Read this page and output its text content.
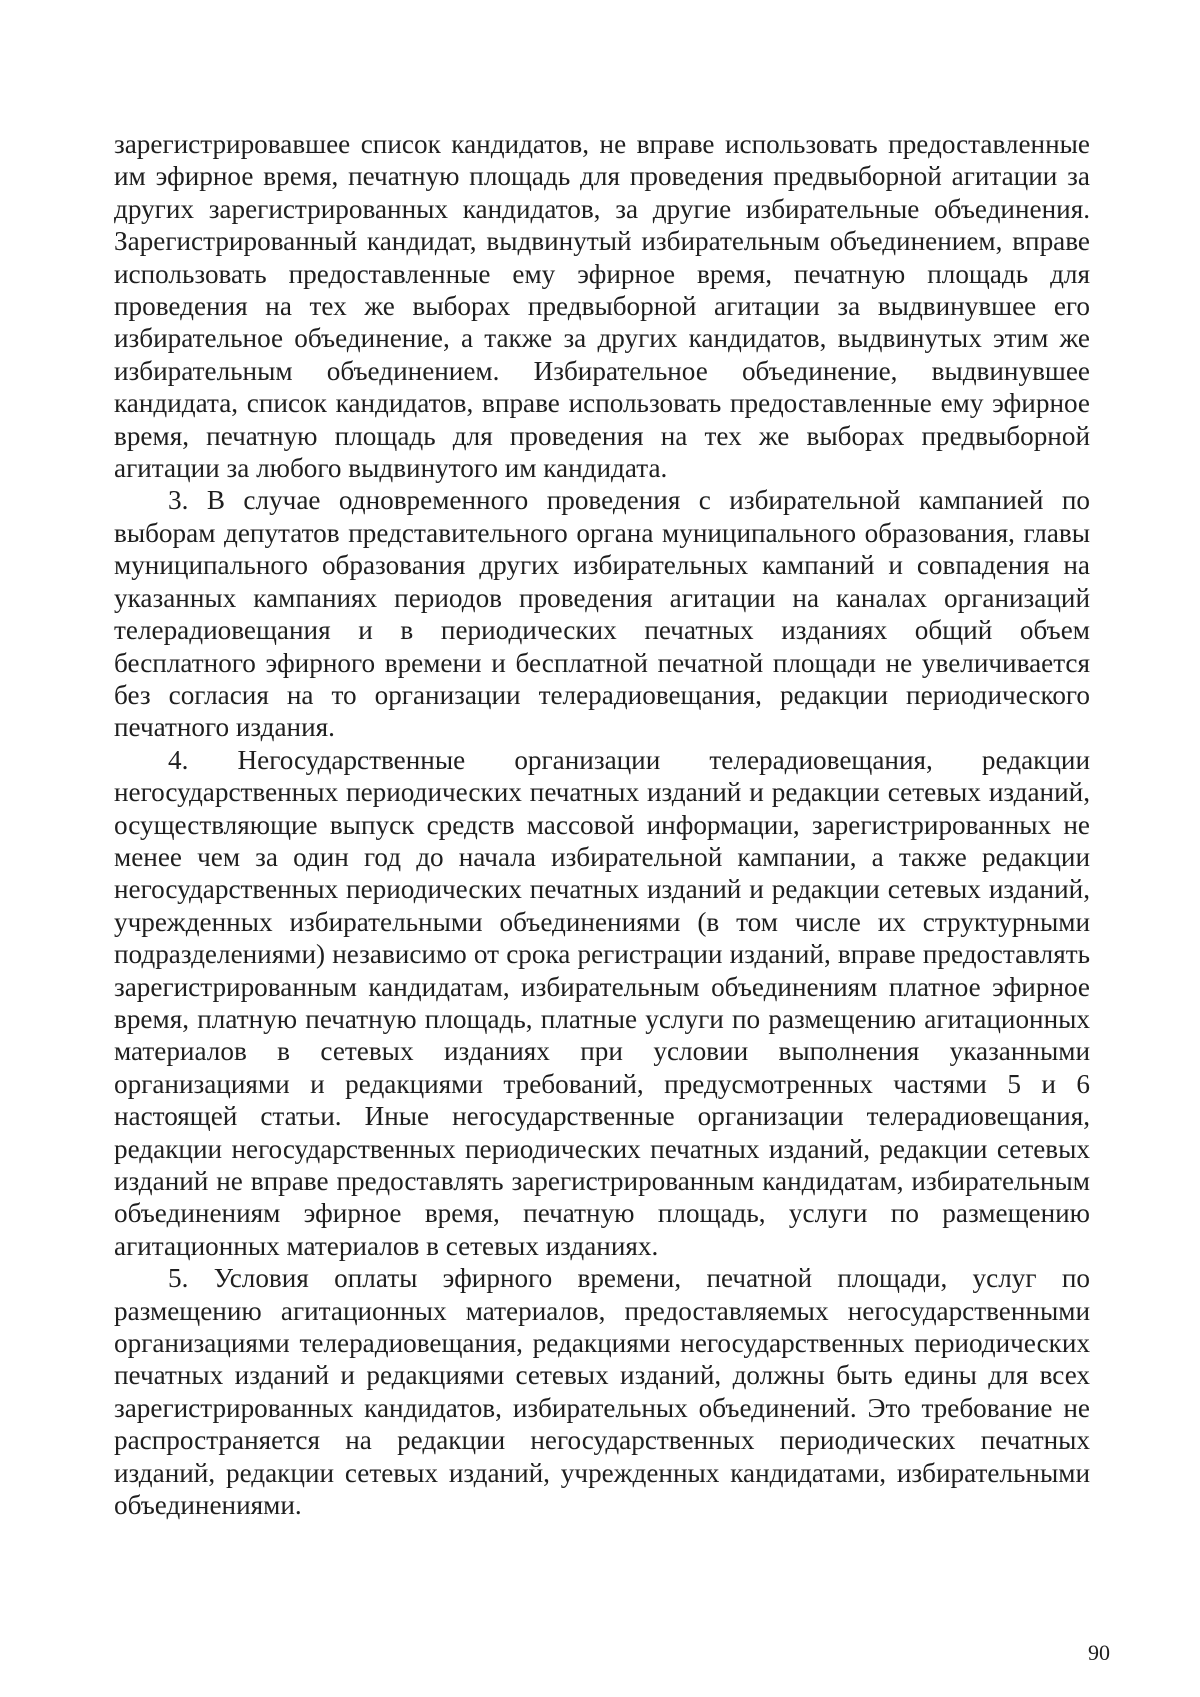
зарегистрировавшее список кандидатов, не вправе использовать предоставленные им эфирное время, печатную площадь для проведения предвыборной агитации за других зарегистрированных кандидатов, за другие избирательные объединения. Зарегистрированный кандидат, выдвинутый избирательным объединением, вправе использовать предоставленные ему эфирное время, печатную площадь для проведения на тех же выборах предвыборной агитации за выдвинувшее его избирательное объединение, а также за других кандидатов, выдвинутых этим же избирательным объединением. Избирательное объединение, выдвинувшее кандидата, список кандидатов, вправе использовать предоставленные ему эфирное время, печатную площадь для проведения на тех же выборах предвыборной агитации за любого выдвинутого им кандидата.

3. В случае одновременного проведения с избирательной кампанией по выборам депутатов представительного органа муниципального образования, главы муниципального образования других избирательных кампаний и совпадения на указанных кампаниях периодов проведения агитации на каналах организаций телерадиовещания и в периодических печатных изданиях общий объем бесплатного эфирного времени и бесплатной печатной площади не увеличивается без согласия на то организации телерадиовещания, редакции периодического печатного издания.

4. Негосударственные организации телерадиовещания, редакции негосударственных периодических печатных изданий и редакции сетевых изданий, осуществляющие выпуск средств массовой информации, зарегистрированных не менее чем за один год до начала избирательной кампании, а также редакции негосударственных периодических печатных изданий и редакции сетевых изданий, учрежденных избирательными объединениями (в том числе их структурными подразделениями) независимо от срока регистрации изданий, вправе предоставлять зарегистрированным кандидатам, избирательным объединениям платное эфирное время, платную печатную площадь, платные услуги по размещению агитационных материалов в сетевых изданиях при условии выполнения указанными организациями и редакциями требований, предусмотренных частями 5 и 6 настоящей статьи. Иные негосударственные организации телерадиовещания, редакции негосударственных периодических печатных изданий, редакции сетевых изданий не вправе предоставлять зарегистрированным кандидатам, избирательным объединениям эфирное время, печатную площадь, услуги по размещению агитационных материалов в сетевых изданиях.

5. Условия оплаты эфирного времени, печатной площади, услуг по размещению агитационных материалов, предоставляемых негосударственными организациями телерадиовещания, редакциями негосударственных периодических печатных изданий и редакциями сетевых изданий, должны быть едины для всех зарегистрированных кандидатов, избирательных объединений. Это требование не распространяется на редакции негосударственных периодических печатных изданий, редакции сетевых изданий, учрежденных кандидатами, избирательными объединениями.

90
